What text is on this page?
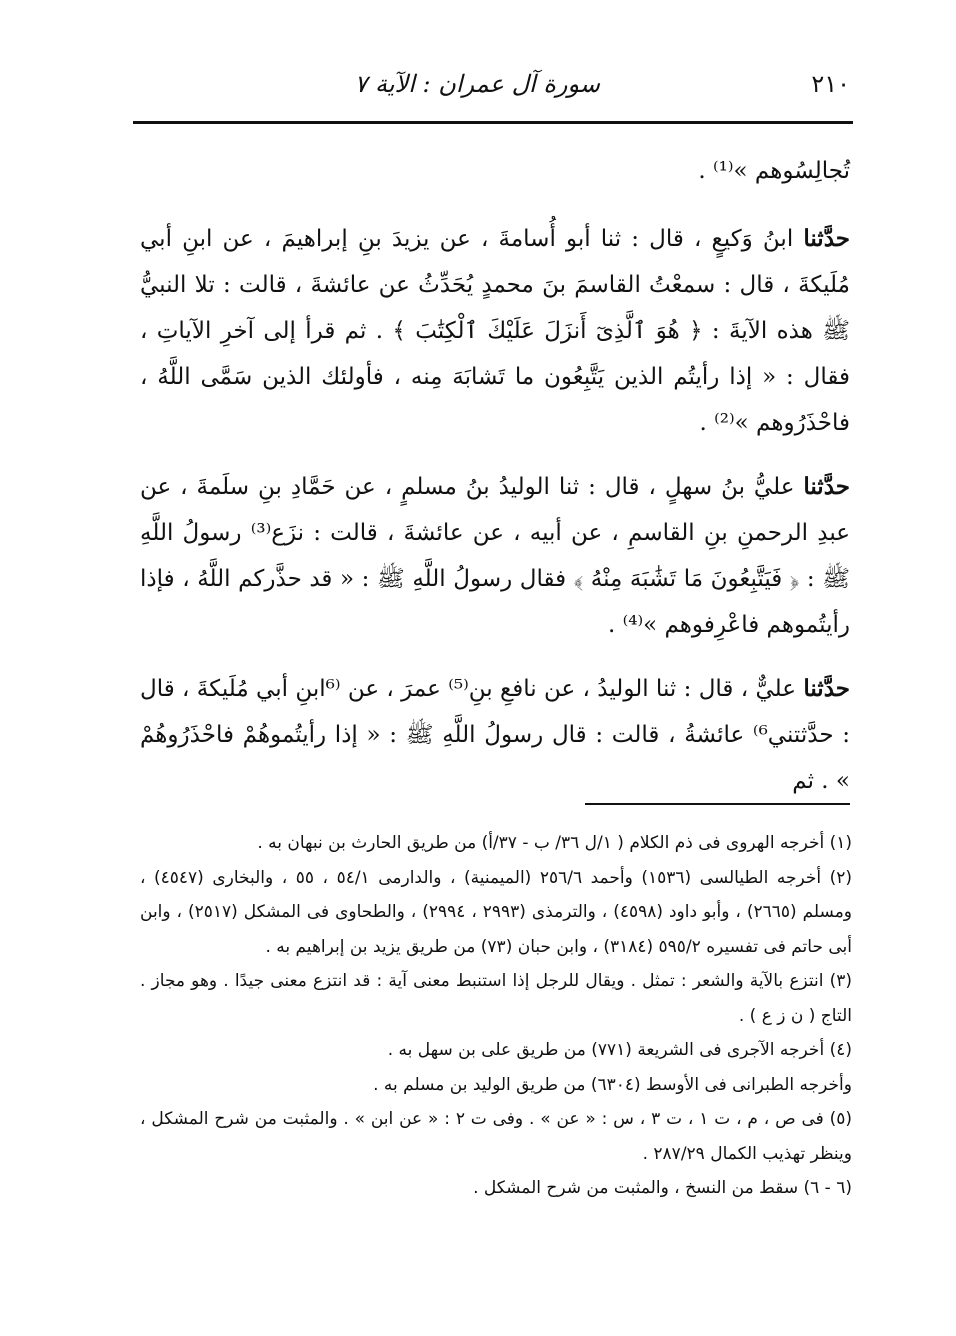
٢١٠
سورة آل عمران : الآية ٧

تُجالِسُوهم »⁽¹⁾ .

حدَّثنا ابنُ وَكيعٍ ، قال : ثنا أبو أُسامةَ ، عن يزيدَ بنِ إبراهيمَ ، عن ابنِ أبي مُلَيكةَ ، قال : سمعْتُ القاسمَ بنَ محمدٍ يُحَدِّثُ عن عائشةَ ، قالت : تلا النبيُّ ﷺ هذه الآيةَ : ﴿ هُوَ ٱلَّذِىٓ أَنزَلَ عَلَيْكَ ٱلْكِتَٰبَ ﴾ . ثم قرأ إلى آخرِ الآياتِ ، فقال : « إذا رأيتُم الذين يَتَّبِعُون ما تَشابَهَ مِنه ، فأولئك الذين سَمَّى اللَّهُ ، فاحْذَرُوهم »⁽²⁾ .

حدَّثنا عليُّ بنُ سهلٍ ، قال : ثنا الوليدُ بنُ مسلمٍ ، عن حَمَّادِ بنِ سلَمةَ ، عن عبدِ الرحمنِ بنِ القاسمِ ، عن أبيه ، عن عائشةَ ، قالت : نزَع⁽³⁾ رسولُ اللَّهِ ﷺ : ﴿ فَيَتَّبِعُونَ مَا تَشَٰبَهَ مِنْهُ ﴾ فقال رسولُ اللَّهِ ﷺ : « قد حذَّركم اللَّهُ ، فإذا رأيتُموهم فاعْرِفوهم »⁽⁴⁾ .

حدَّثنا عليٌّ ، قال : ثنا الوليدُ ، عن نافعِ بنِ⁽⁵⁾ عمرَ ، عن ⁽⁶ابنِ أبي مُلَيكةَ ، قال : حدَّثتني⁶⁾ عائشةُ ، قالت : قال رسولُ اللَّهِ ﷺ : « إذا رأيتُموهُمْ فاحْذَرُوهُمْ » . ثم

(١) أخرجه الهروى فى ذم الكلام ( ١/ل ٣٦/ ب - ٣٧/أ) من طريق الحارث بن نبهان به .

(٢) أخرجه الطيالسى (١٥٣٦) وأحمد ٢٥٦/٦ (الميمنية) ، والدارمى ٥٤/١ ، ٥٥ ، والبخارى (٤٥٤٧) ، ومسلم (٢٦٦٥) ، وأبو داود (٤٥٩٨) ، والترمذى (٢٩٩٣ ، ٢٩٩٤) ، والطحاوى فى المشكل (٢٥١٧) ، وابن أبى حاتم فى تفسيره ٥٩٥/٢ (٣١٨٤) ، وابن حبان (٧٣) من طريق يزيد بن إبراهيم به .

(٣) انتزع بالآية والشعر : تمثل . ويقال للرجل إذا استنبط معنى آية : قد انتزع معنى جيدًا . وهو مجاز . التاج ( ن ز ع ) .

(٤) أخرجه الآجرى فى الشريعة (٧٧١) من طريق على بن سهل به .

وأخرجه الطبرانى فى الأوسط (٦٣٠٤) من طريق الوليد بن مسلم به .

(٥) فى ص ، م ، ت ١ ، ت ٣ ، س : « عن » . وفى ت ٢ : « عن ابن » . والمثبت من شرح المشكل ، وينظر تهذيب الكمال ٢٨٧/٢٩ .

(٦ - ٦) سقط من النسخ ، والمثبت من شرح المشكل .
